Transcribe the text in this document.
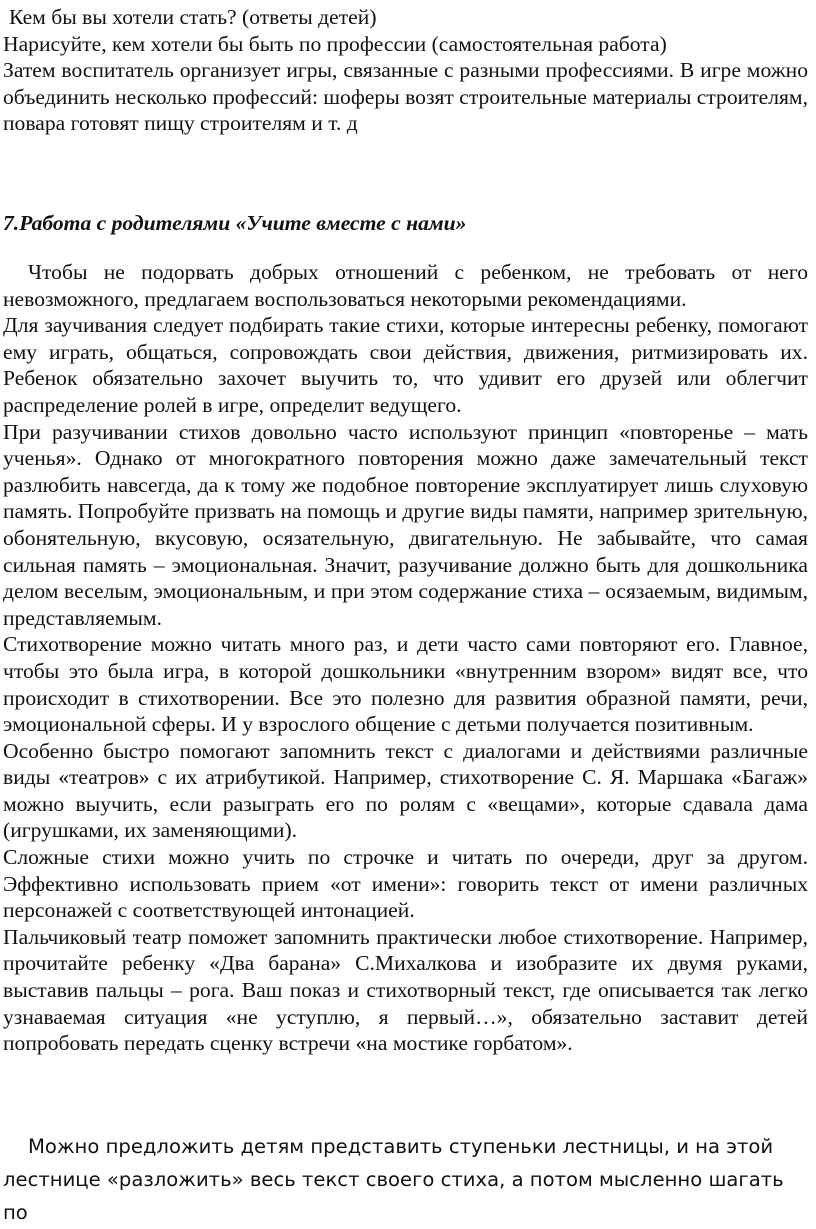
Кем бы вы хотели стать? (ответы детей)

Нарисуйте, кем хотели бы быть по профессии (самостоятельная работа)

Затем воспитатель организует игры, связанные с разными профессиями. В игре можно объединить несколько профессий: шоферы возят строительные материалы строителям, повара готовят пищу строителям и т. д

7.Работа с родителями «Учите вместе с нами»

Чтобы не подорвать добрых отношений с ребенком, не требовать от него невозможного, предлагаем воспользоваться некоторыми рекомендациями.

Для заучивания следует подбирать такие стихи, которые интересны ребенку, помогают ему играть, общаться, сопровождать свои действия, движения, ритмизировать их. Ребенок обязательно захочет выучить то, что удивит его друзей или облегчит распределение ролей в игре, определит ведущего.

При разучивании стихов довольно часто используют принцип «повторенье – мать ученья». Однако от многократного повторения можно даже замечательный текст разлюбить навсегда, да к тому же подобное повторение эксплуатирует лишь слуховую память. Попробуйте призвать на помощь и другие виды памяти, например зрительную, обонятельную, вкусовую, осязательную, двигательную. Не забывайте, что самая сильная память – эмоциональная. Значит, разучивание должно быть для дошкольника делом веселым, эмоциональным, и при этом содержание стиха – осязаемым, видимым, представляемым.

Стихотворение можно читать много раз, и дети часто сами повторяют его. Главное, чтобы это была игра, в которой дошкольники «внутренним взором» видят все, что происходит в стихотворении. Все это полезно для развития образной памяти, речи, эмоциональной сферы. И у взрослого общение с детьми получается позитивным.

Особенно быстро помогают запомнить текст с диалогами и действиями различные виды «театров» с их атрибутикой. Например, стихотворение С. Я. Маршака «Багаж» можно выучить, если разыграть его по ролям с «вещами», которые сдавала дама (игрушками, их заменяющими).

Сложные стихи можно учить по строчке и читать по очереди, друг за другом. Эффективно использовать прием «от имени»: говорить текст от имени различных персонажей с соответствующей интонацией.

Пальчиковый театр поможет запомнить практически любое стихотворение. Например, прочитайте ребенку «Два барана» С.Михалкова и изобразите их двумя руками, выставив пальцы – рога. Ваш показ и стихотворный текст, где описывается так легко узнаваемая ситуация «не уступлю, я первый…», обязательно заставит детей попробовать передать сценку встречи «на мостике горбатом».

Можно предложить детям представить ступеньки лестницы, и на этой лестнице «разложить» весь текст своего стиха, а потом мысленно шагать по
